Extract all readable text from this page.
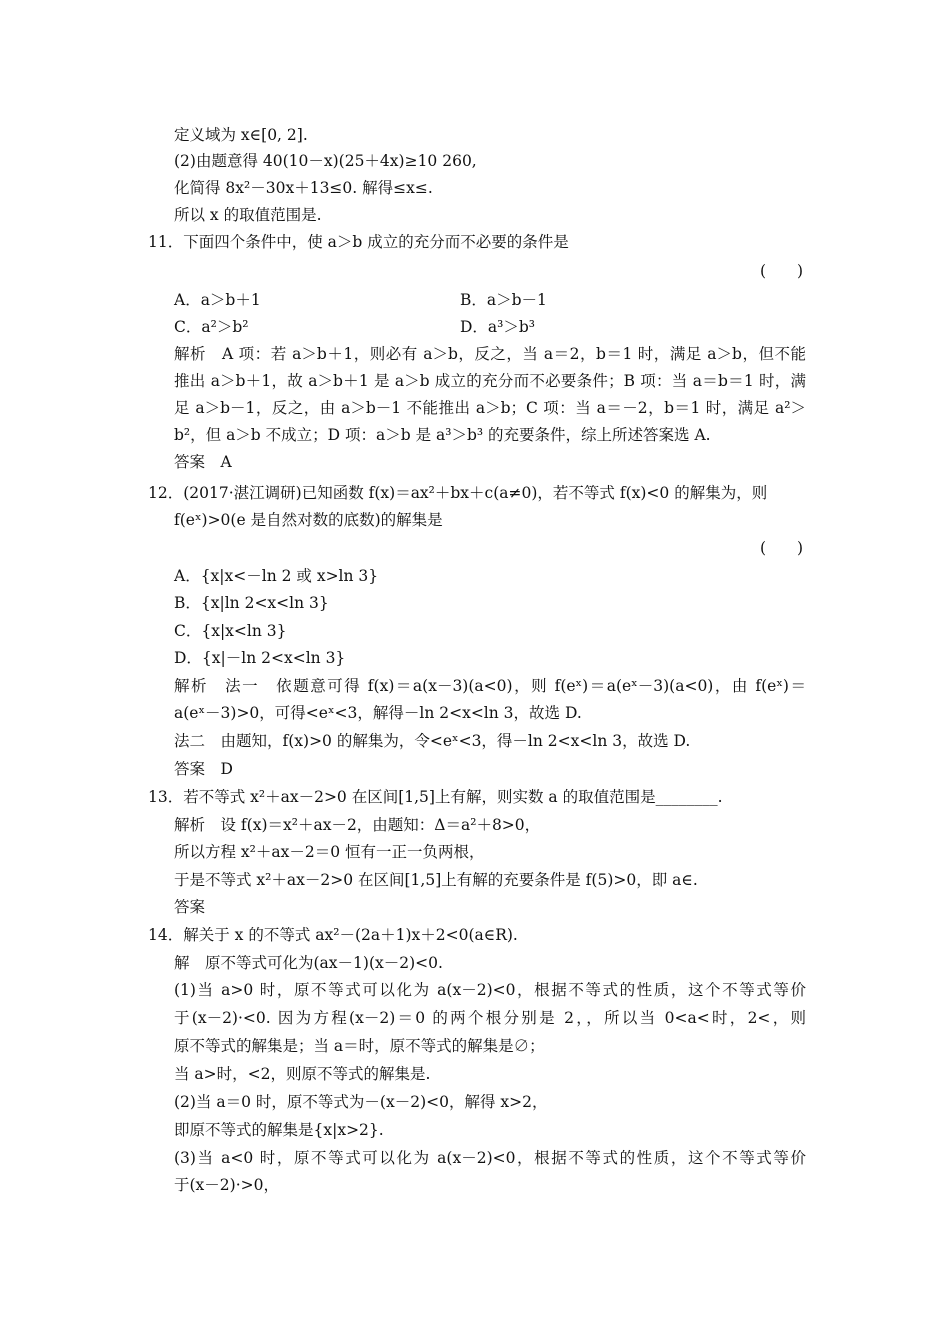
定义域为 x∈[0, 2].
(2)由题意得 40(10－x)(25＋4x)≥10 260,
化简得 8x²－30x＋13≤0. 解得≤x≤.
所以 x 的取值范围是.
11．下面四个条件中，使 a＞b 成立的充分而不必要的条件是
(　　)
A．a＞b＋1	B．a＞b－1
C．a²＞b²	D．a³＞b³
解析　A 项：若 a＞b＋1，则必有 a＞b，反之，当 a＝2，b＝1 时，满足 a＞b，但不能
推出 a＞b＋1，故 a＞b＋1 是 a＞b 成立的充分而不必要条件；B 项：当 a＝b＝1 时，满
足 a＞b－1，反之，由 a＞b－1 不能推出 a＞b；C 项：当 a＝－2，b＝1 时，满足 a²＞
b²，但 a＞b 不成立；D 项：a＞b 是 a³＞b³ 的充要条件，综上所述答案选 A.
答案　A
12．(2017·湛江调研)已知函数 f(x)＝ax²＋bx＋c(a≠0)，若不等式 f(x)<0 的解集为，则
f(eˣ)>0(e 是自然对数的底数)的解集是
(　　)
A．{x|x<－ln 2 或 x>ln 3}
B．{x|ln 2<x<ln 3}
C．{x|x<ln 3}
D．{x|－ln 2<x<ln 3}
解析　法一　依题意可得 f(x)＝a(x－3)(a<0)，则 f(eˣ)＝a(eˣ－3)(a<0)，由 f(eˣ)＝
a(eˣ－3)>0，可得<eˣ<3，解得－ln 2<x<ln 3，故选 D.
法二　由题知，f(x)>0 的解集为，令<eˣ<3，得－ln 2<x<ln 3，故选 D.
答案　D
13．若不等式 x²＋ax－2>0 在区间[1,5]上有解，则实数 a 的取值范围是________.
解析　设 f(x)＝x²＋ax－2，由题知：Δ＝a²＋8>0，
所以方程 x²＋ax－2＝0 恒有一正一负两根，
于是不等式 x²＋ax－2>0 在区间[1,5]上有解的充要条件是 f(5)>0，即 a∈.
答案
14．解关于 x 的不等式 ax²－(2a＋1)x＋2<0(a∈R).
解　原不等式可化为(ax－1)(x－2)<0.
(1)当 a>0 时，原不等式可以化为 a(x－2)<0，根据不等式的性质，这个不等式等价
于(x－2)·<0. 因为方程(x－2)＝0 的两个根分别是 2，，所以当 0<a<时，2<，则
原不等式的解集是；当 a＝时，原不等式的解集是∅；
当 a>时，<2，则原不等式的解集是.
(2)当 a＝0 时，原不等式为－(x－2)<0，解得 x>2，
即原不等式的解集是{x|x>2}.
(3)当 a<0 时，原不等式可以化为 a(x－2)<0，根据不等式的性质，这个不等式等价
于(x－2)·>0，
